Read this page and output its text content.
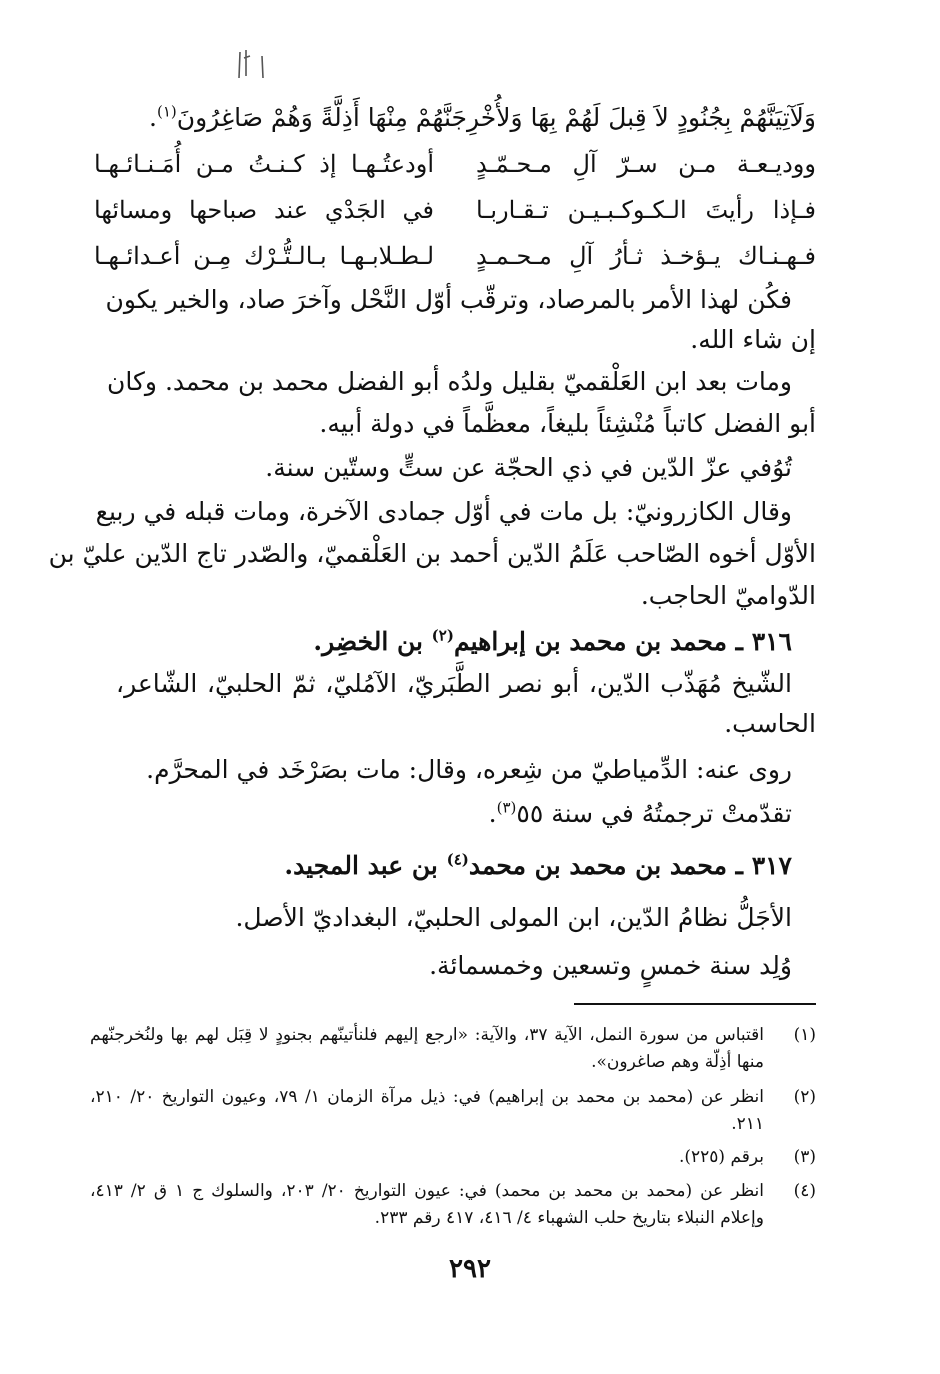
وَلَآتِيَنَّهُمْ بِجُنُودٍ لاَ قِبلَ لَهُمْ بِهَا وَلأُخْرِجَنَّهُمْ مِنْهَا أَذِلَّةً وَهُمْ صَاغِرُونَ$^{(١)}$.
ووديـعـة مـن سـرّ آلِ مـحـمّـدٍ
أودعتُـهـا إذ كـنـتُ مـن أُمَـنـائـهـا
فـإذا رأيتَ الـكـوكـبـيـن تـقـاربـا
في الجَدْي عند صباحها ومسائها
فـهـنـاك يـؤخـذ ثـأرُ آلِ مـحـمـدٍ
لـطـلابـهـا بـالـتُّـرْك مِـن أعـدائـهـا
فكُن لهذا الأمر بالمرصاد، وترقّب أوّل النَّحْل وآخرَ صاد، والخير يكون
إن شاء الله.
ومات بعد ابن العَلْقميّ بقليل ولدُه أبو الفضل محمد بن محمد. وكان
أبو الفضل كاتباً مُنْشِئاً بليغاً، معظَّماً في دولة أبيه.
تُوُفي عزّ الدّين في ذي الحجّة عن ستٍّ وستّين سنة.
وقال الكازرونيّ: بل مات في أوّل جمادى الآخرة، ومات قبله في ربيع
الأوّل أخوه الصّاحب عَلَمُ الدّين أحمد بن العَلْقميّ، والصّدر تاج الدّين عليّ بن
الدّواميّ الحاجب.
٣١٦ ـ محمد بن محمد بن إبراهيم$^{(٢)}$ بن الخضِر.
الشّيخ مُهَذّب الدّين، أبو نصر الطَّبَريّ، الآمُليّ، ثمّ الحلبيّ، الشّاعر،
الحاسب.
روى عنه: الدِّمياطيّ من شِعره، وقال: مات بصَرْخَد في المحرَّم.
تقدّمتْ ترجمتُهُ في سنة ٥٥$^{(٣)}$.
٣١٧ ـ محمد بن محمد بن محمد$^{(٤)}$ بن عبد المجيد.
الأجَلُّ نظامُ الدّين، ابن المولى الحلبيّ، البغداديّ الأصل.
وُلِد سنة خمسٍ وتسعين وخمسمائة.
(١)
اقتباس من سورة النمل، الآية ٣٧، والآية: «ارجع إليهم فلنأتينّهم بجنودٍ لا قِبَل لهم بها ولنُخرجنّهم منها أذِلّة وهم صاغرون».
(٢)
انظر عن (محمد بن محمد بن إبراهيم) في: ذيل مرآة الزمان ١/ ٧٩، وعيون التواريخ ٢٠/ ٢١٠، ٢١١.
(٣)
برقم (٢٢٥).
(٤)
انظر عن (محمد بن محمد بن محمد) في: عيون التواريخ ٢٠/ ٢٠٣، والسلوك ج ١ ق ٢/ ٤١٣، وإعلام النبلاء بتاريخ حلب الشهباء ٤/ ٤١٦، ٤١٧ رقم ٢٣٣.
٢٩٢
